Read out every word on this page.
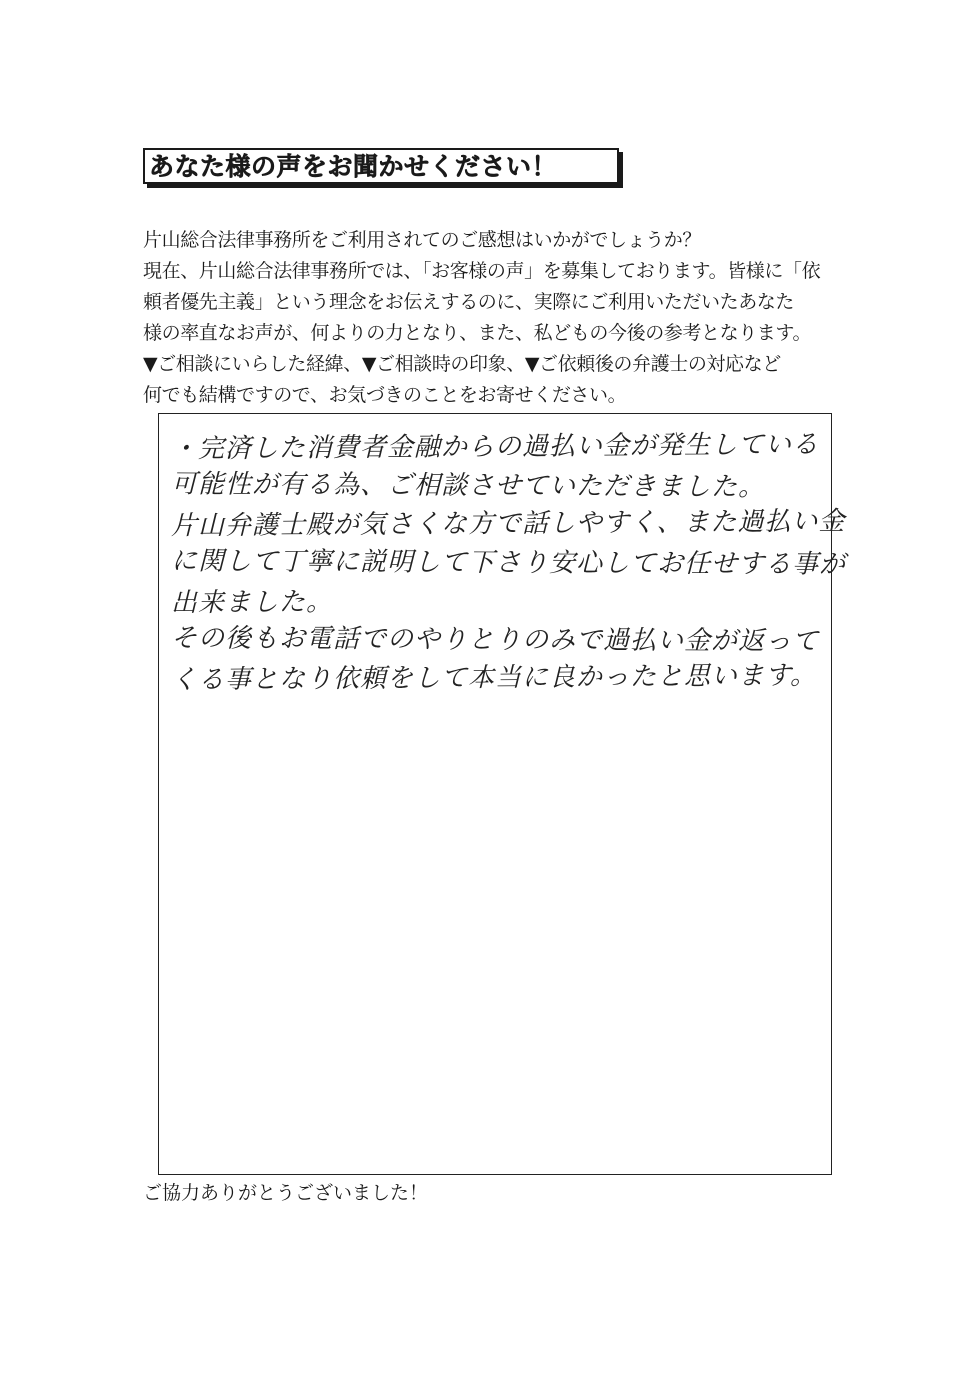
あなた様の声をお聞かせください！
片山総合法律事務所をご利用されてのご感想はいかがでしょうか？
現在、片山総合法律事務所では、「お客様の声」を募集しております。皆様に「依
頼者優先主義」という理念をお伝えするのに、実際にご利用いただいたあなた
様の率直なお声が、何よりの力となり、また、私どもの今後の参考となります。
▼ご相談にいらした経緯、▼ご相談時の印象、▼ご依頼後の弁護士の対応など
何でも結構ですので、お気づきのことをお寄せください。
・完済した消費者金融からの過払い金が発生している
可能性が有る為、ご相談させていただきました。
片山弁護士殿が気さくな方で話しやすく、また過払い金
に関して丁寧に説明して下さり安心してお任せする事が
出来ました。
その後もお電話でのやりとりのみで過払い金が返って
くる事となり依頼をして本当に良かったと思います。
ご協力ありがとうございました！
